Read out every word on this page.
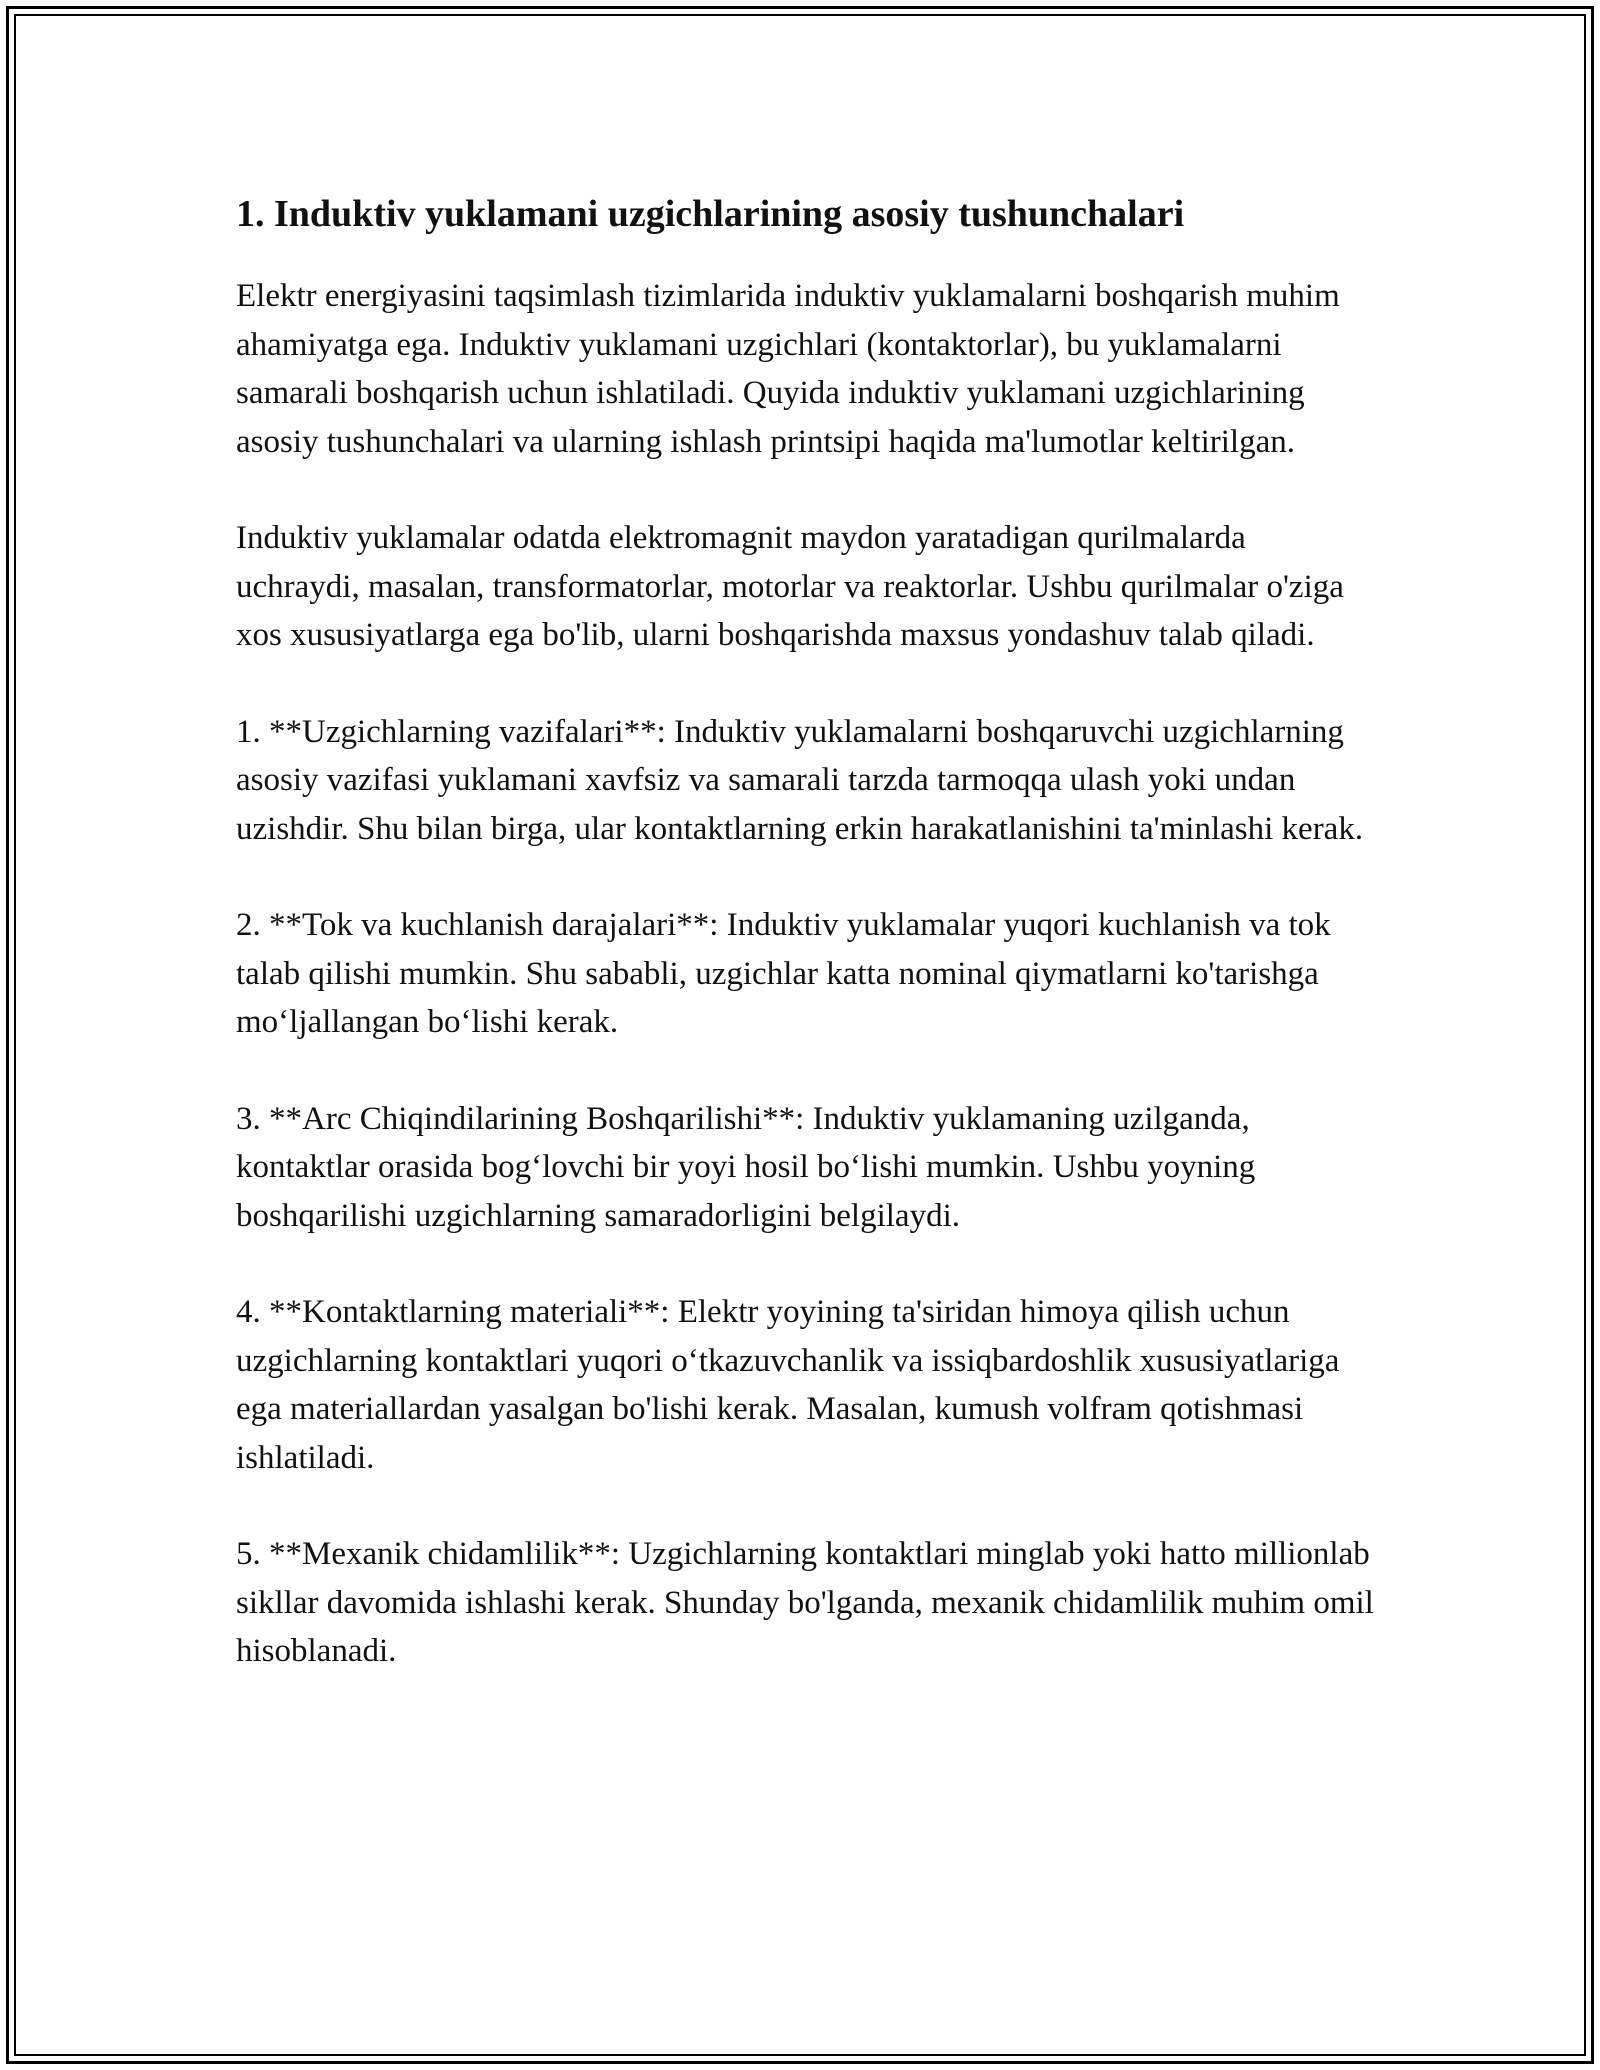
1. Induktiv yuklamani uzgichlarining asosiy tushunchalari

Elektr energiyasini taqsimlash tizimlarida induktiv yuklamalarni boshqarish muhim ahamiyatga ega. Induktiv yuklamani uzgichlari (kontaktorlar), bu yuklamalarni samarali boshqarish uchun ishlatiladi. Quyida induktiv yuklamani uzgichlarining asosiy tushunchalari va ularning ishlash printsipi haqida ma'lumotlar keltirilgan.

Induktiv yuklamalar odatda elektromagnit maydon yaratadigan qurilmalarda uchraydi, masalan, transformatorlar, motorlar va reaktorlar. Ushbu qurilmalar o'ziga xos xususiyatlarga ega bo'lib, ularni boshqarishda maxsus yondashuv talab qiladi.

1. **Uzgichlarning vazifalari**: Induktiv yuklamalarni boshqaruvchi uzgichlarning asosiy vazifasi yuklamani xavfsiz va samarali tarzda tarmoqqa ulash yoki undan uzishdir. Shu bilan birga, ular kontaktlarning erkin harakatlanishini ta'minlashi kerak.

2. **Tok va kuchlanish darajalari**: Induktiv yuklamalar yuqori kuchlanish va tok talab qilishi mumkin. Shu sababli, uzgichlar katta nominal qiymatlarni ko'tarishga mo‘ljallangan bo‘lishi kerak.

3. **Arc Chiqindilarining Boshqarilishi**: Induktiv yuklamaning uzilganda, kontaktlar orasida bog‘lovchi bir yoyi hosil bo‘lishi mumkin. Ushbu yoyning boshqarilishi uzgichlarning samaradorligini belgilaydi.

4. **Kontaktlarning materiali**: Elektr yoyining ta'siridan himoya qilish uchun uzgichlarning kontaktlari yuqori o‘tkazuvchanlik va issiqbardoshlik xususiyatlariga ega materiallardan yasalgan bo'lishi kerak. Masalan, kumush volfram qotishmasi ishlatiladi.

5. **Mexanik chidamlilik**: Uzgichlarning kontaktlari minglab yoki hatto millionlab sikllar davomida ishlashi kerak. Shunday bo'lganda, mexanik chidamlilik muhim omil hisoblanadi.
